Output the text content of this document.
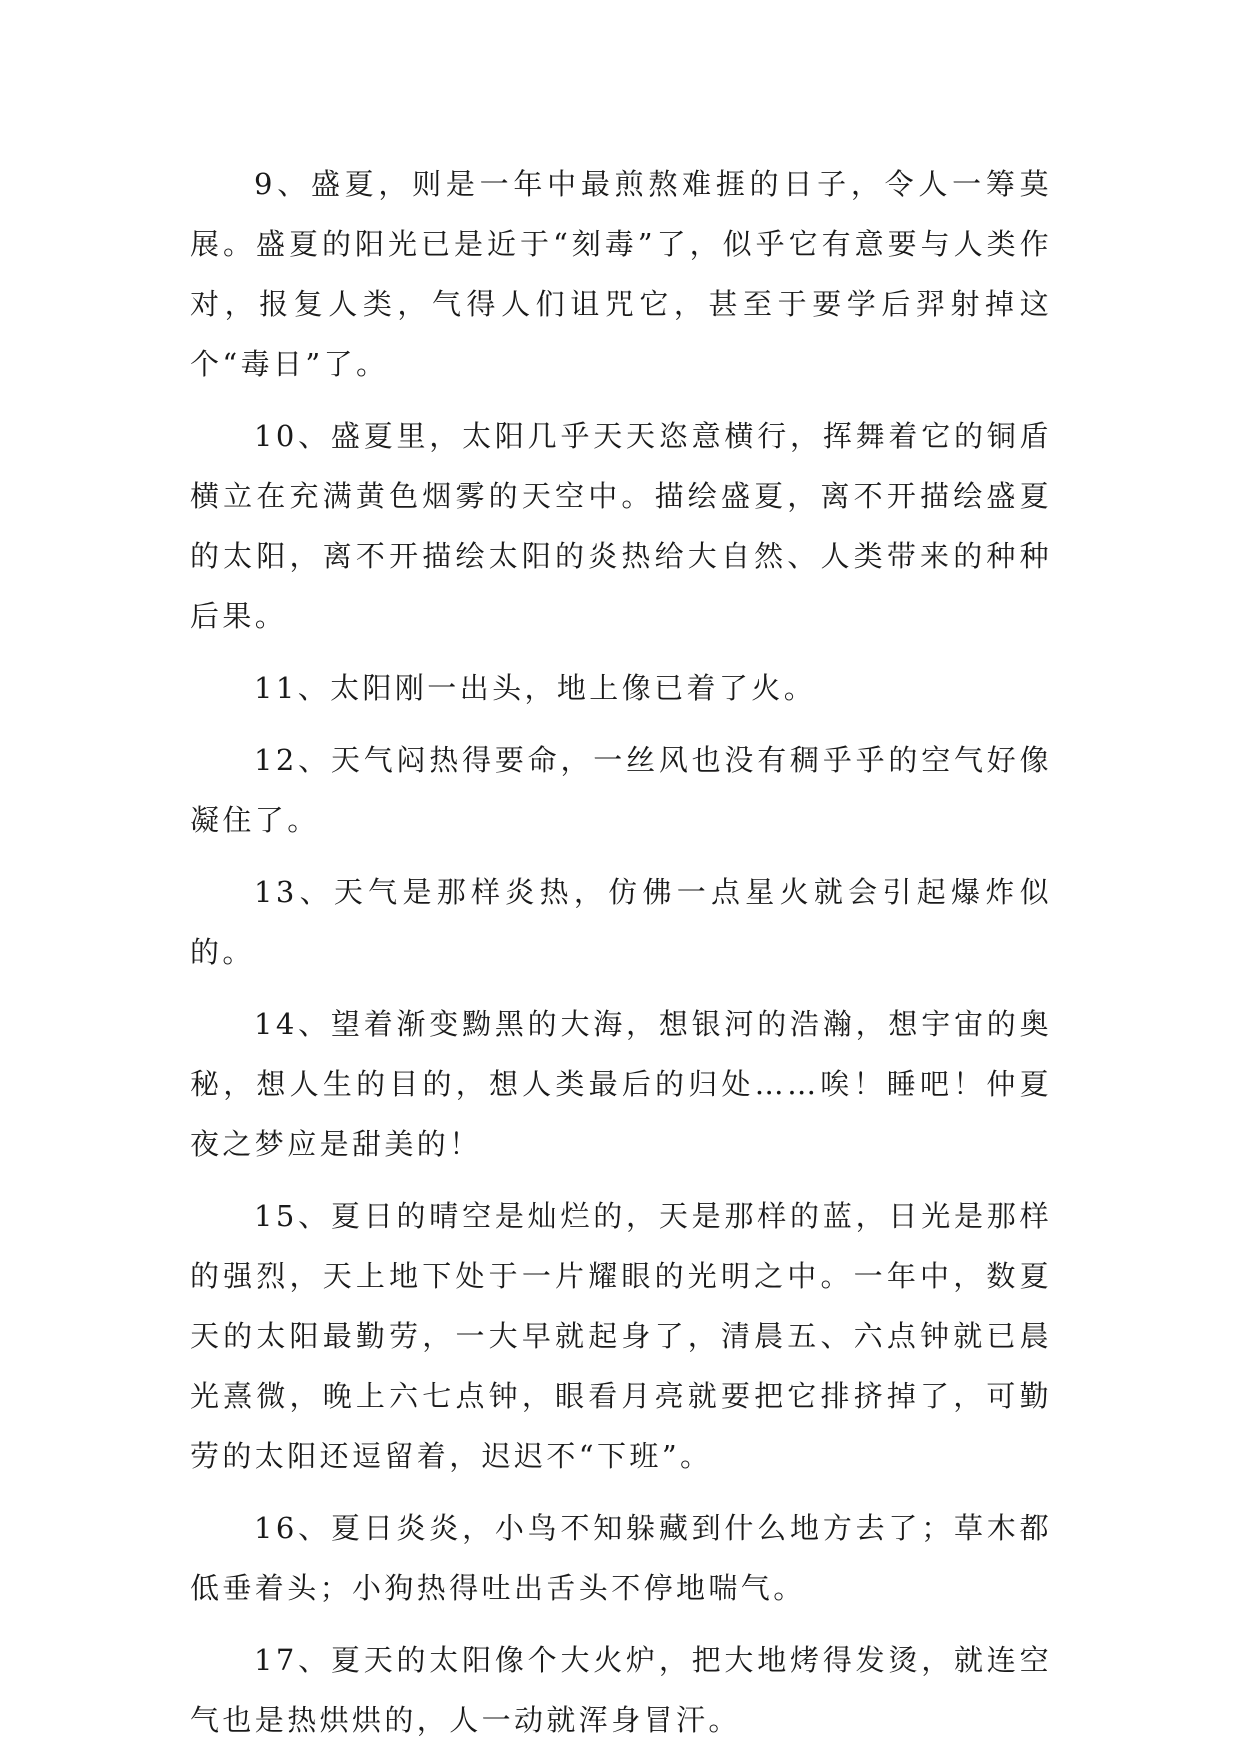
9、盛夏，则是一年中最煎熬难捱的日子，令人一筹莫展。盛夏的阳光已是近于“刻毒”了，似乎它有意要与人类作对，报复人类，气得人们诅咒它，甚至于要学后羿射掉这个“毒日”了。

10、盛夏里，太阳几乎天天恣意横行，挥舞着它的铜盾横立在充满黄色烟雾的天空中。描绘盛夏，离不开描绘盛夏的太阳，离不开描绘太阳的炎热给大自然、人类带来的种种后果。

11、太阳刚一出头，地上像已着了火。

12、天气闷热得要命，一丝风也没有稠乎乎的空气好像凝住了。

13、天气是那样炎热，仿佛一点星火就会引起爆炸似的。

14、望着渐变黝黑的大海，想银河的浩瀚，想宇宙的奥秘，想人生的目的，想人类最后的归处……唉！睡吧！仲夏夜之梦应是甜美的！

15、夏日的晴空是灿烂的，天是那样的蓝，日光是那样的强烈，天上地下处于一片耀眼的光明之中。一年中，数夏天的太阳最勤劳，一大早就起身了，清晨五、六点钟就已晨光熹微，晚上六七点钟，眼看月亮就要把它排挤掉了，可勤劳的太阳还逗留着，迟迟不“下班”。

16、夏日炎炎，小鸟不知躲藏到什么地方去了；草木都低垂着头；小狗热得吐出舌头不停地喘气。

17、夏天的太阳像个大火炉，把大地烤得发烫，就连空气也是热烘烘的，人一动就浑身冒汗。
